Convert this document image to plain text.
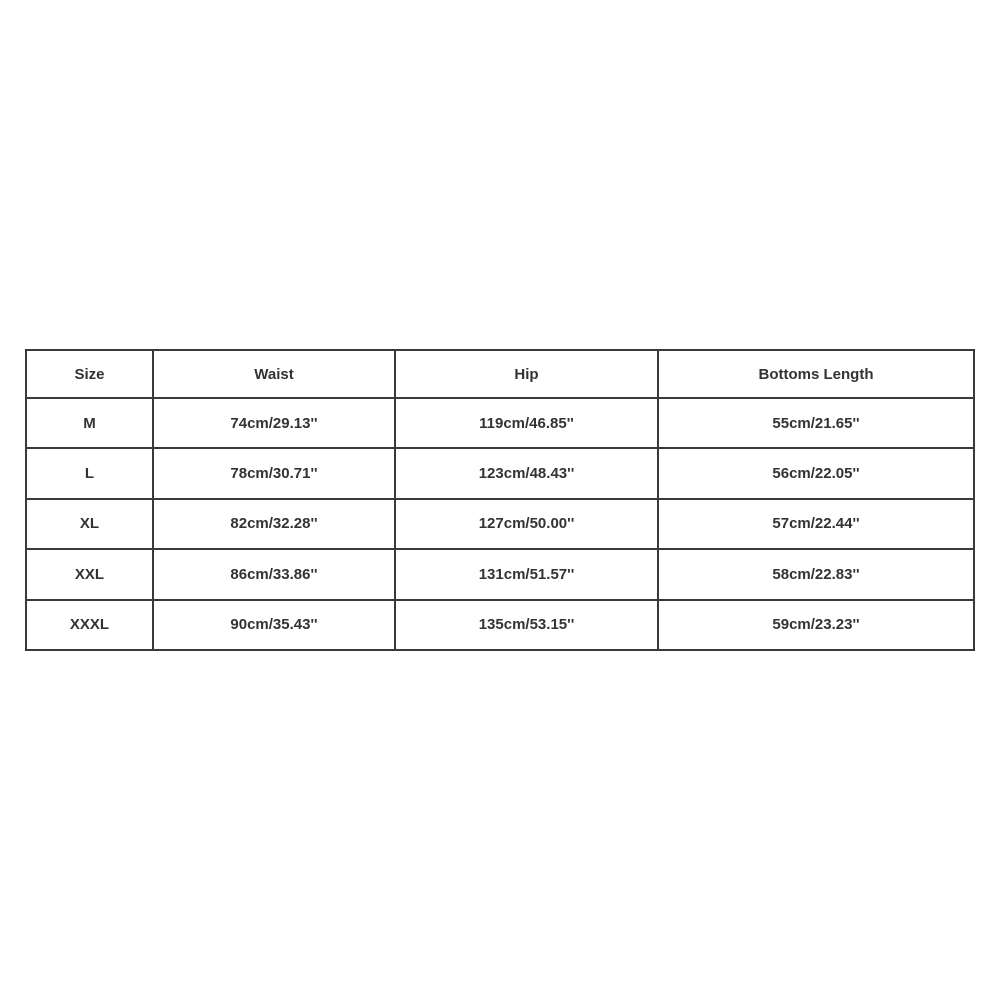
Size	Waist	Hip	Bottoms Length
M	74cm/29.13''	119cm/46.85''	55cm/21.65''
L	78cm/30.71''	123cm/48.43''	56cm/22.05''
XL	82cm/32.28''	127cm/50.00''	57cm/22.44''
XXL	86cm/33.86''	131cm/51.57''	58cm/22.83''
XXXL	90cm/35.43''	135cm/53.15''	59cm/23.23''
